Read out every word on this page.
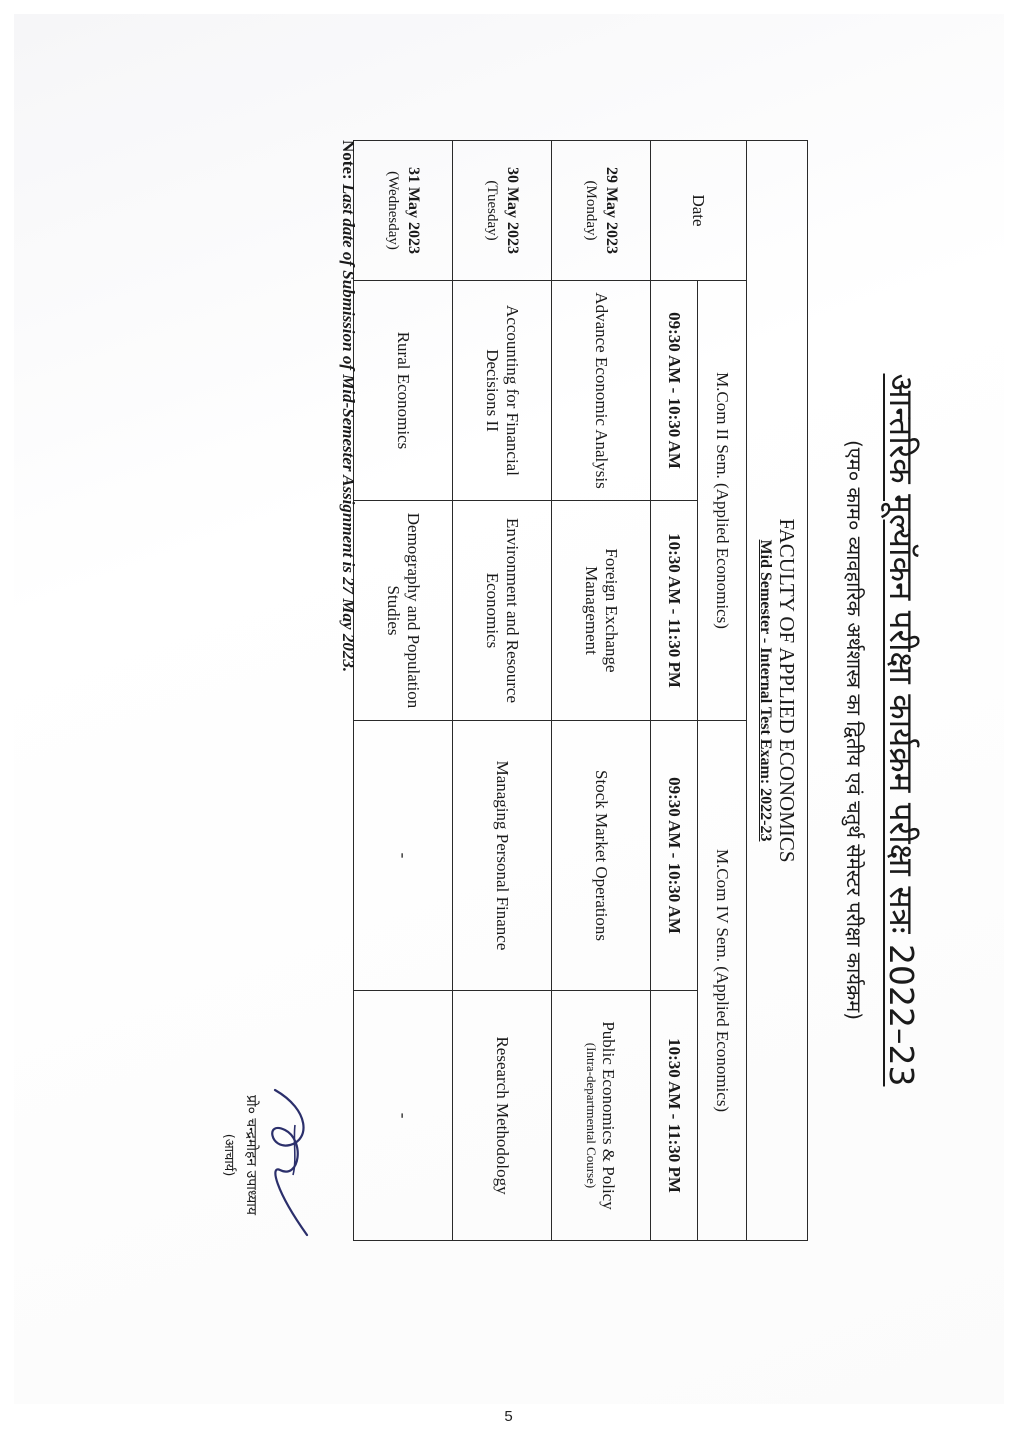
आन्तरिक मूल्यॉकन परीक्षा कार्यक्रम परीक्षा सत्रः 2022–23
(एम० काम० व्यावहारिक अर्थशास्त्र का द्वितीय एवं चतुर्थ सेमेस्टर परीक्षा कार्यक्रम)
FACULTY OF APPLIED ECONOMICS
Mid Semester - Internal Test Exam: 2022-23				

Date	M.Com II Sem. (Applied Economics)		M.Com IV Sem. (Applied Economics)	
	09:30 AM - 10:30 AM	10:30 AM - 11:30 PM	09:30 AM - 10:30 AM	10:30 AM - 11:30 PM

29 May 2023
(Monday)	Advance Economic Analysis	Foreign Exchange Management	Stock Market Operations	Public Economics & Policy
(Intra-departmental Course)

30 May 2023
(Tuesday)	Accounting for Financial Decisions II	Environment and Resource Economics	Managing Personal Finance	Research Methodology

31 May 2023
(Wednesday)	Rural Economics	Demography and Population Studies	-	-
Note: Last date of Submission of Mid-Semester Assignment is 27 May 2023.
प्रो० चन्द्रमोहन उपाध्याय
(आचार्य)
5
